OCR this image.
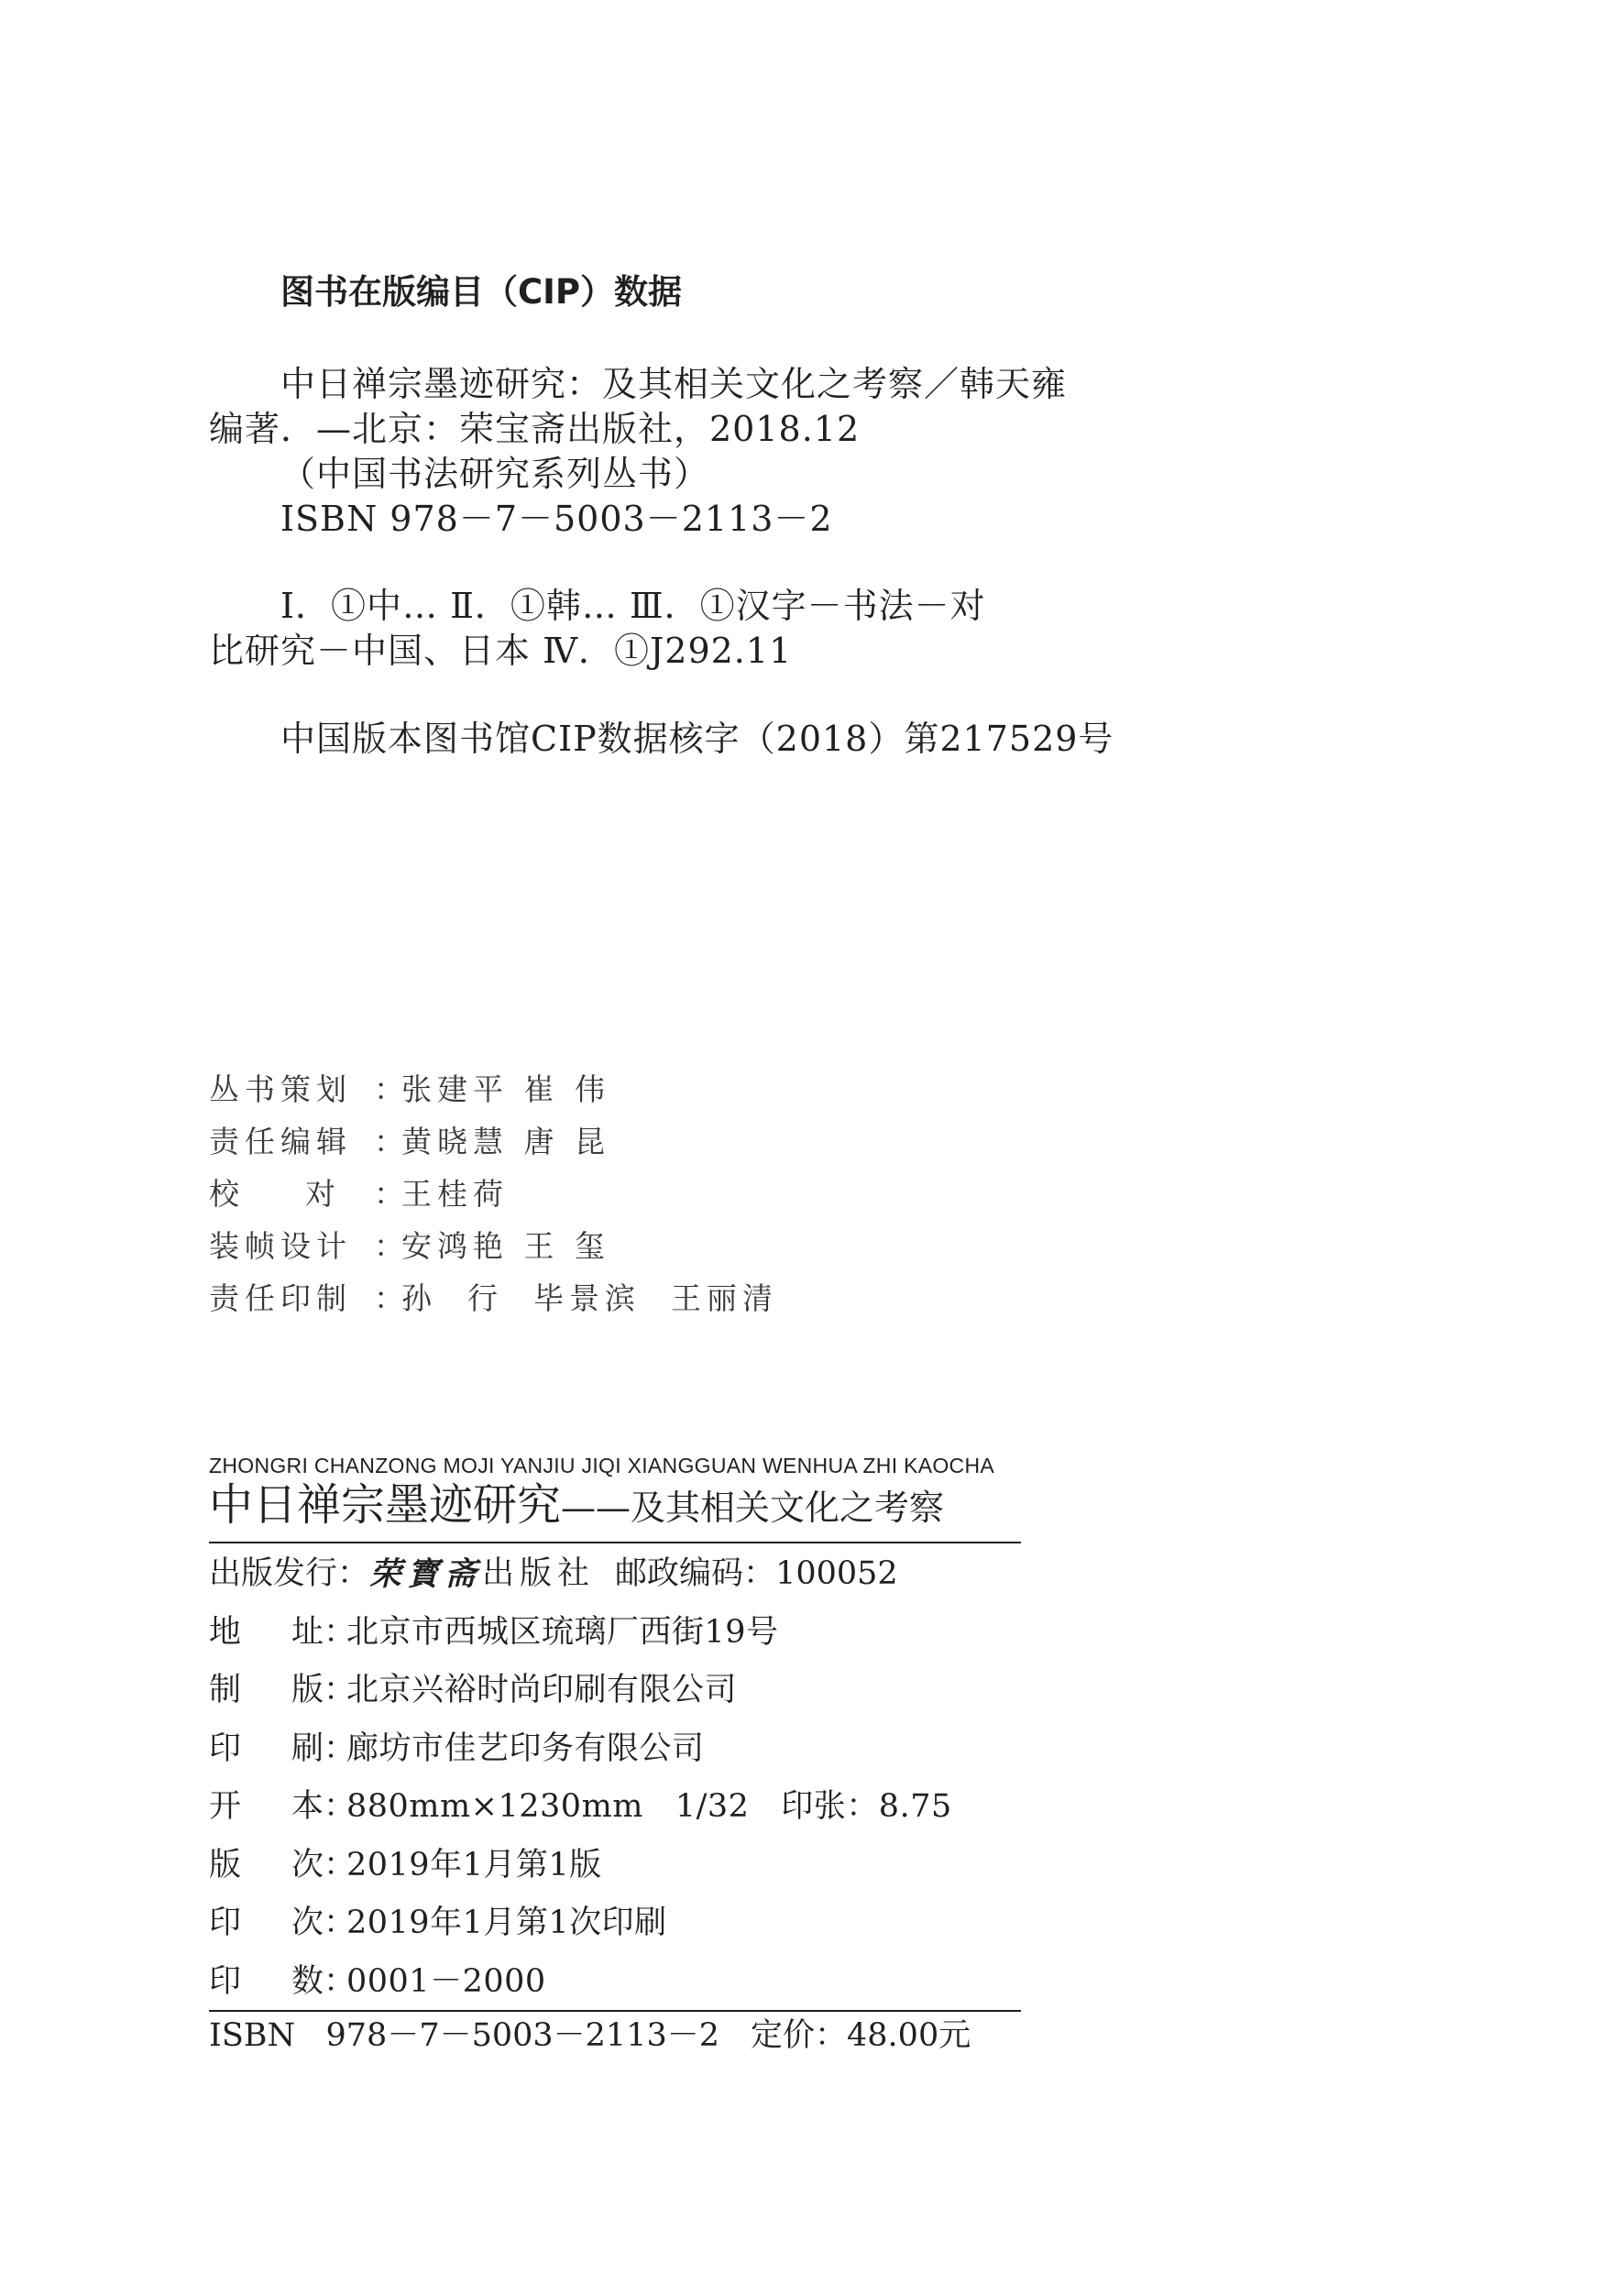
图书在版编目（CIP）数据
中日禅宗墨迹研究：及其相关文化之考察／韩天雍
编著．—北京：荣宝斋出版社，2018.12
（中国书法研究系列丛书）
ISBN 978－7－5003－2113－2
Ⅰ．①中… Ⅱ．①韩… Ⅲ．①汉字－书法－对
比研究－中国、日本 Ⅳ．①J292.11
中国版本图书馆CIP数据核字（2018）第217529号
丛书策划 ：
张建平 崔 伟
责任编辑 ：
黄晓慧 唐 昆
校    对	：
王桂荷
装帧设计 ：
安鸿艳 王 玺
责任印制 ：
孙  行  毕景滨  王丽清
ZHONGRI CHANZONG MOJI YANJIU JIQI XIANGGUAN WENHUA ZHI KAOCHA
中日禅宗墨迹研究——及其相关文化之考察
出版发行： 荣寳斋 出版社 邮政编码： 100052
地	址：
北京市西城区琉璃厂西街19号
制	版：
北京兴裕时尚印刷有限公司
印	刷：
廊坊市佳艺印务有限公司
开	本：
880mm×1230mm   1/32   印张：8.75
版	次：
2019年1月第1版
印	次：
2019年1月第1次印刷
印	数：
0001－2000
ISBN   978－7－5003－2113－2 定价：48.00元
